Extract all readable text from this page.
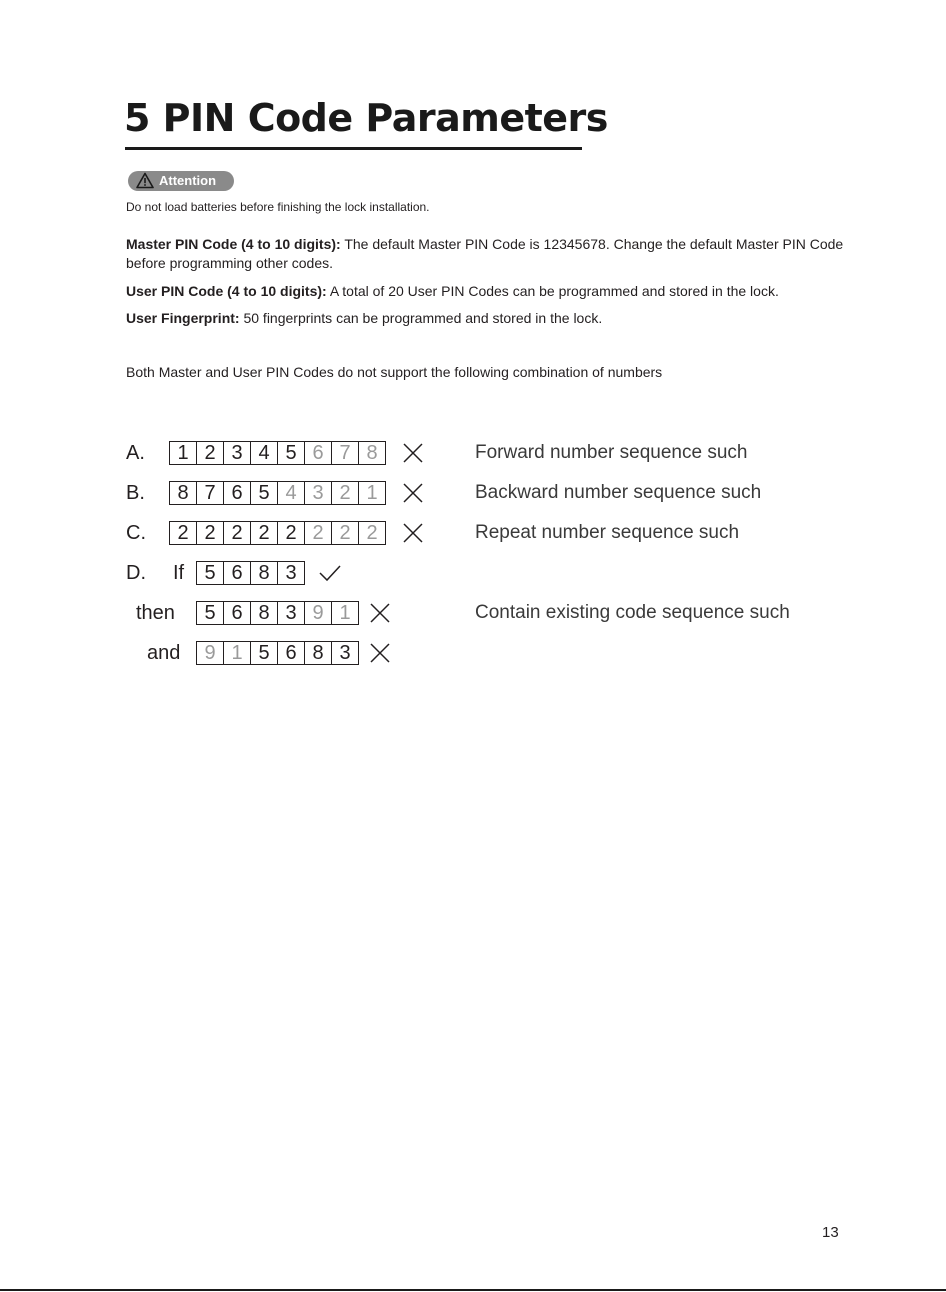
5 PIN Code Parameters
Attention
Do not load batteries before finishing the lock installation.
Master PIN Code (4 to 10 digits): The default Master PIN Code is 12345678. Change the default Master PIN Code before programming other codes.
User PIN Code (4 to 10 digits): A total of 20 User PIN Codes can be programmed and stored in the lock.
User Fingerprint: 50 fingerprints can be programmed and stored in the lock.
Both Master and User PIN Codes do not support the following combination of numbers
A.	1 2 3 4 5 6 7 8	Forward number sequence such
B.	8 7 6 5 4 3 2 1	Backward number sequence such
C.	2 2 2 2 2 2 2 2	Repeat number sequence such
D. If	5 6 8 3
then	5 6 8 3 9 1	Contain existing code sequence such
and	9 1 5 6 8 3
13
